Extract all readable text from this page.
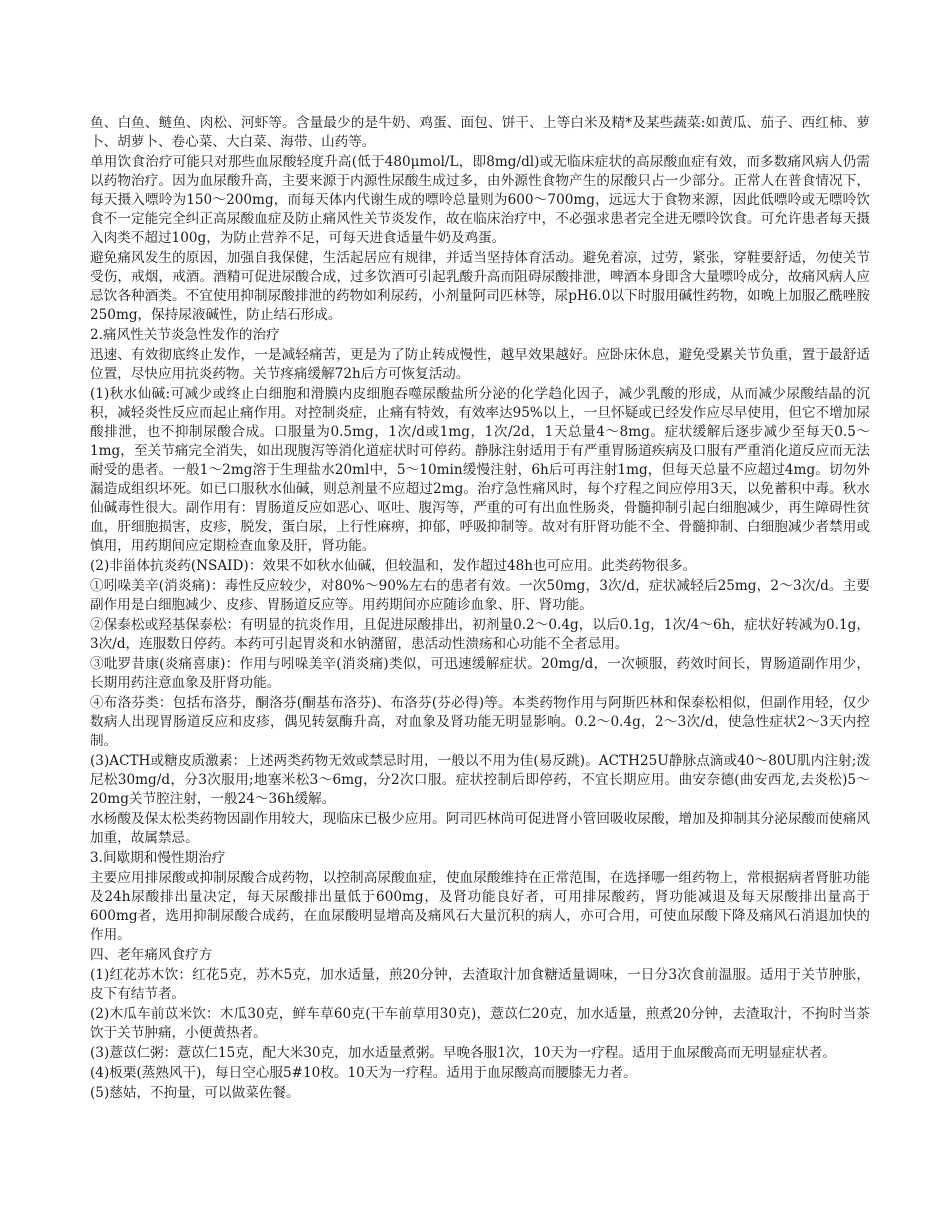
鱼、白鱼、鲢鱼、肉松、河虾等。含量最少的是牛奶、鸡蛋、面包、饼干、上等白米及精*及某些蔬菜:如黄瓜、茄子、西红柿、萝卜、胡萝卜、卷心菜、大白菜、海带、山药等。

单用饮食治疗可能只对那些血尿酸轻度升高(低于480μmol/L，即8mg/dl)或无临床症状的高尿酸血症有效，而多数痛风病人仍需以药物治疗。因为血尿酸升高，主要来源于内源性尿酸生成过多，由外源性食物产生的尿酸只占一少部分。正常人在普食情况下，每天摄入嘌呤为150～200mg，而每天体内代谢生成的嘌呤总量则为600～700mg，远远大于食物来源，因此低嘌呤或无嘌呤饮食不一定能完全纠正高尿酸血症及防止痛风性关节炎发作，故在临床治疗中，不必强求患者完全进无嘌呤饮食。可允许患者每天摄入肉类不超过100g，为防止营养不足，可每天进食适量牛奶及鸡蛋。

避免痛风发生的原因，加强自我保健，生活起居应有规律，并适当坚持体育活动。避免着凉，过劳，紧张，穿鞋要舒适，勿使关节受伤，戒烟，戒酒。酒精可促进尿酸合成，过多饮酒可引起乳酸升高而阻碍尿酸排泄，啤酒本身即含大量嘌呤成分，故痛风病人应忌饮各种酒类。不宜使用抑制尿酸排泄的药物如利尿药，小剂量阿司匹林等，尿pH6.0以下时服用碱性药物，如晚上加服乙酰唑胺250mg，保持尿液碱性，防止结石形成。

2.痛风性关节炎急性发作的治疗

迅速、有效彻底终止发作，一是减轻痛苦，更是为了防止转成慢性，越早效果越好。应卧床休息，避免受累关节负重，置于最舒适位置，尽快应用抗炎药物。关节疼痛缓解72h后方可恢复活动。

(1)秋水仙碱:可减少或终止白细胞和滑膜内皮细胞吞噬尿酸盐所分泌的化学趋化因子，减少乳酸的形成，从而减少尿酸结晶的沉积，减轻炎性反应而起止痛作用。对控制炎症，止痛有特效，有效率达95%以上，一旦怀疑或已经发作应尽早使用，但它不增加尿酸排泄，也不抑制尿酸合成。口服量为0.5mg，1次/d或1mg，1次/2d，1天总量4～8mg。症状缓解后逐步减少至每天0.5～1mg，至关节痛完全消失，如出现腹泻等消化道症状时可停药。静脉注射适用于有严重胃肠道疾病及口服有严重消化道反应而无法耐受的患者。一般1～2mg溶于生理盐水20ml中，5～10min缓慢注射，6h后可再注射1mg，但每天总量不应超过4mg。切勿外漏造成组织坏死。如已口服秋水仙碱，则总剂量不应超过2mg。治疗急性痛风时，每个疗程之间应停用3天，以免蓄积中毒。秋水仙碱毒性很大。副作用有：胃肠道反应如恶心、呕吐、腹泻等，严重的可有出血性肠炎，骨髓抑制引起白细胞减少，再生障碍性贫血，肝细胞损害，皮疹，脱发，蛋白尿，上行性麻痹，抑郁，呼吸抑制等。故对有肝肾功能不全、骨髓抑制、白细胞减少者禁用或慎用，用药期间应定期检查血象及肝，肾功能。

(2)非甾体抗炎药(NSAID)：效果不如秋水仙碱，但较温和，发作超过48h也可应用。此类药物很多。

①吲哚美辛(消炎痛)：毒性反应较少，对80%～90%左右的患者有效。一次50mg，3次/d，症状减轻后25mg，2～3次/d。主要副作用是白细胞减少、皮疹、胃肠道反应等。用药期间亦应随诊血象、肝、肾功能。

②保泰松或羟基保泰松：有明显的抗炎作用，且促进尿酸排出，初剂量0.2～0.4g，以后0.1g，1次/4～6h，症状好转减为0.1g，3次/d，连服数日停药。本药可引起胃炎和水钠潴留，患活动性溃疡和心功能不全者忌用。

③吡罗昔康(炎痛喜康)：作用与吲哚美辛(消炎痛)类似，可迅速缓解症状。20mg/d，一次顿服，药效时间长，胃肠道副作用少，长期用药注意血象及肝肾功能。

④布洛芬类：包括布洛芬，酮洛芬(酮基布洛芬)、布洛芬(芬必得)等。本类药物作用与阿斯匹林和保泰松相似，但副作用轻，仅少数病人出现胃肠道反应和皮疹，偶见转氨酶升高，对血象及肾功能无明显影响。0.2～0.4g，2～3次/d，使急性症状2～3天内控制。

(3)ACTH或糖皮质激素：上述两类药物无效或禁忌时用，一般以不用为佳(易反跳)。ACTH25U静脉点滴或40～80U肌内注射;泼尼松30mg/d，分3次服用;地塞米松3～6mg，分2次口服。症状控制后即停药，不宜长期应用。曲安奈德(曲安西龙,去炎松)5～20mg关节腔注射，一般24～36h缓解。

水杨酸及保太松类药物因副作用较大，现临床已极少应用。阿司匹林尚可促进肾小管回吸收尿酸，增加及抑制其分泌尿酸而使痛风加重，故属禁忌。

3.间歇期和慢性期治疗

主要应用排尿酸或抑制尿酸合成药物，以控制高尿酸血症，使血尿酸维持在正常范围，在选择哪一组药物上，常根据病者肾脏功能及24h尿酸排出量决定，每天尿酸排出量低于600mg，及肾功能良好者，可用排尿酸药，肾功能减退及每天尿酸排出量高于600mg者，选用抑制尿酸合成药，在血尿酸明显增高及痛风石大量沉积的病人，亦可合用，可使血尿酸下降及痛风石消退加快的作用。

四、老年痛风食疗方

(1)红花苏木饮：红花5克，苏木5克，加水适量，煎20分钟，去渣取汁加食糖适量调味，一日分3次食前温服。适用于关节肿胀，皮下有结节者。

(2)木瓜车前苡米饮：木瓜30克，鲜车草60克(干车前草用30克)，薏苡仁20克，加水适量，煎煮20分钟，去渣取汁，不拘时当茶饮于关节肿痛，小便黄热者。

(3)薏苡仁粥：薏苡仁15克，配大米30克，加水适量煮粥。早晚各服1次，10天为一疗程。适用于血尿酸高而无明显症状者。

(4)板栗(蒸熟风干)，每日空心服5#10枚。10天为一疗程。适用于血尿酸高而腰膝无力者。

(5)慈姑，不拘量，可以做菜佐餐。
